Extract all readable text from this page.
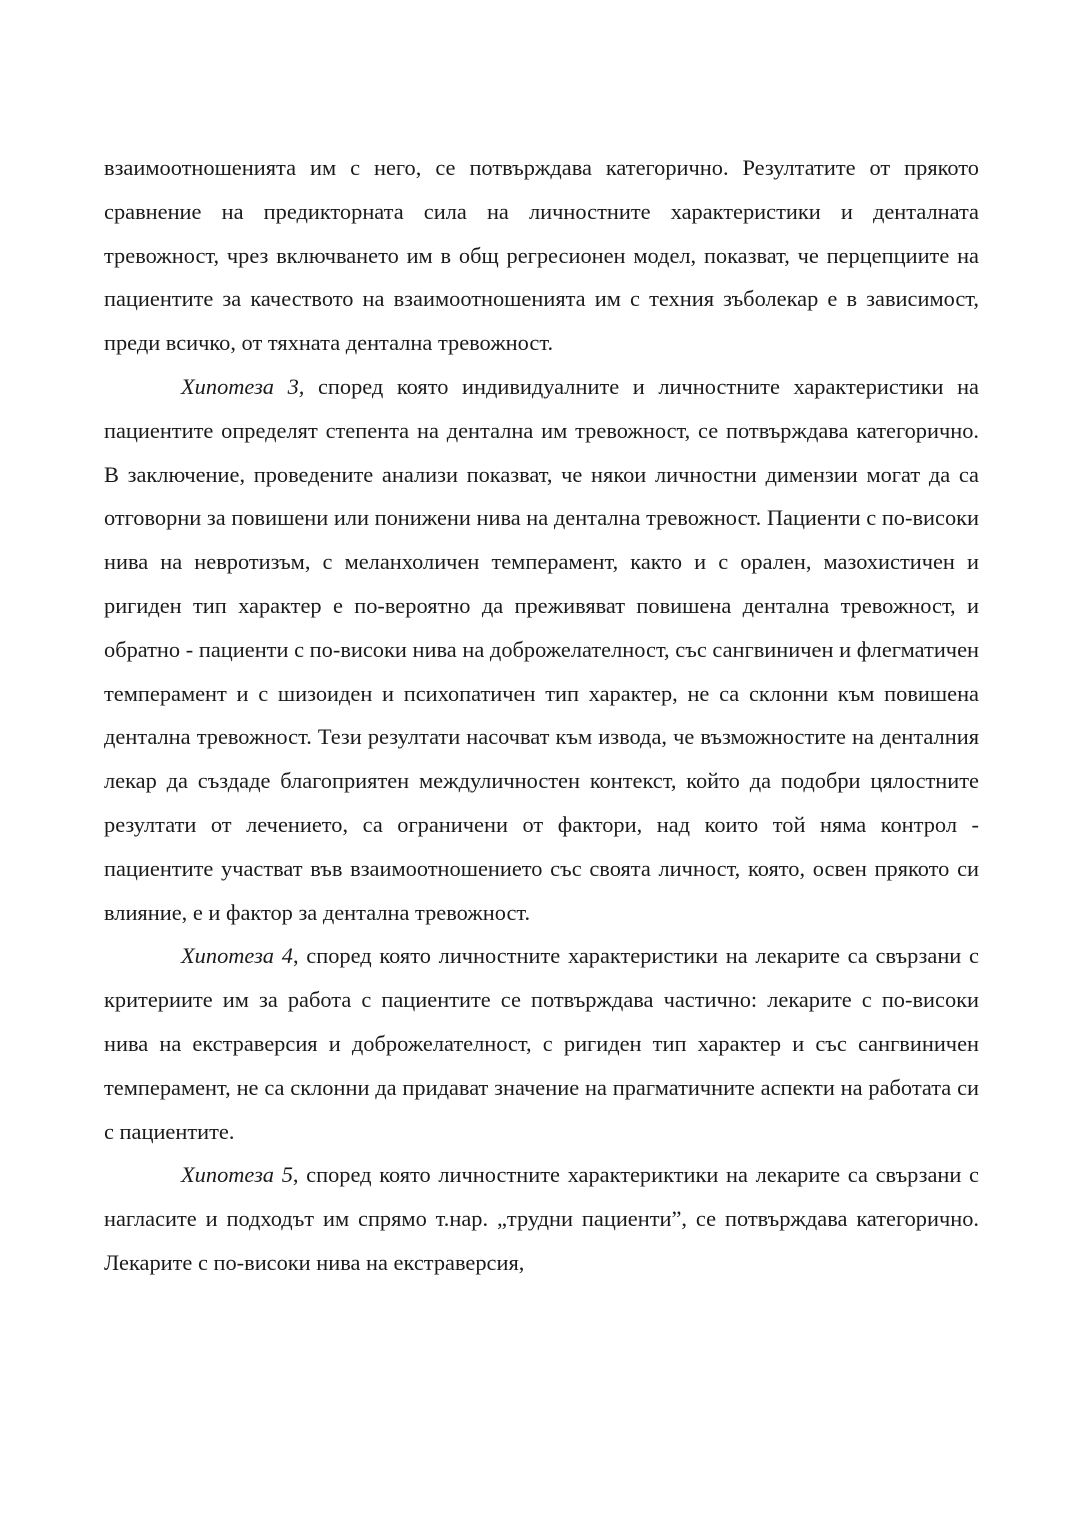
взаимоотношенията им с него, се потвърждава категорично. Резултатите от прякото сравнение на предикторната сила на личностните характеристики и денталната тревожност, чрез включването им в общ регресионен модел, показват, че перцепциите на пациентите за качеството на взаимоотношенията им с техния зъболекар е в зависимост, преди всичко, от тяхната дентална тревожност.

Хипотеза 3, според която индивидуалните и личностните характеристики на пациентите определят степента на дентална им тревожност, се потвърждава категорично. В заключение, проведените анализи показват, че някои личностни димензии могат да са отговорни за повишени или понижени нива на дентална тревожност. Пациенти с по-високи нива на невротизъм, с меланхоличен темперамент, както и с орален, мазохистичен и ригиден тип характер е по-вероятно да преживяват повишена дентална тревожност, и обратно - пациенти с по-високи нива на доброжелателност, със сангвиничен и флегматичен темперамент и с шизоиден и психопатичен тип характер, не са склонни към повишена дентална тревожност. Тези резултати насочват към извода, че възможностите на денталния лекар да създаде благоприятен междуличностен контекст, който да подобри цялостните резултати от лечението, са ограничени от фактори, над които той няма контрол - пациентите участват във взаимоотношението със своята личност, която, освен прякото си влияние, е и фактор за дентална тревожност.

Хипотеза 4, според която личностните характеристики на лекарите са свързани с критериите им за работа с пациентите се потвърждава частично: лекарите с по-високи нива на екстраверсия и доброжелателност, с ригиден тип характер и със сангвиничен темперамент, не са склонни да придават значение на прагматичните аспекти на работата си с пациентите.

Хипотеза 5, според която личностните характериктики на лекарите са свързани с нагласите и подходът им спрямо т.нар. „трудни пациенти”, се потвърждава категорично. Лекарите с по-високи нива на екстраверсия,
